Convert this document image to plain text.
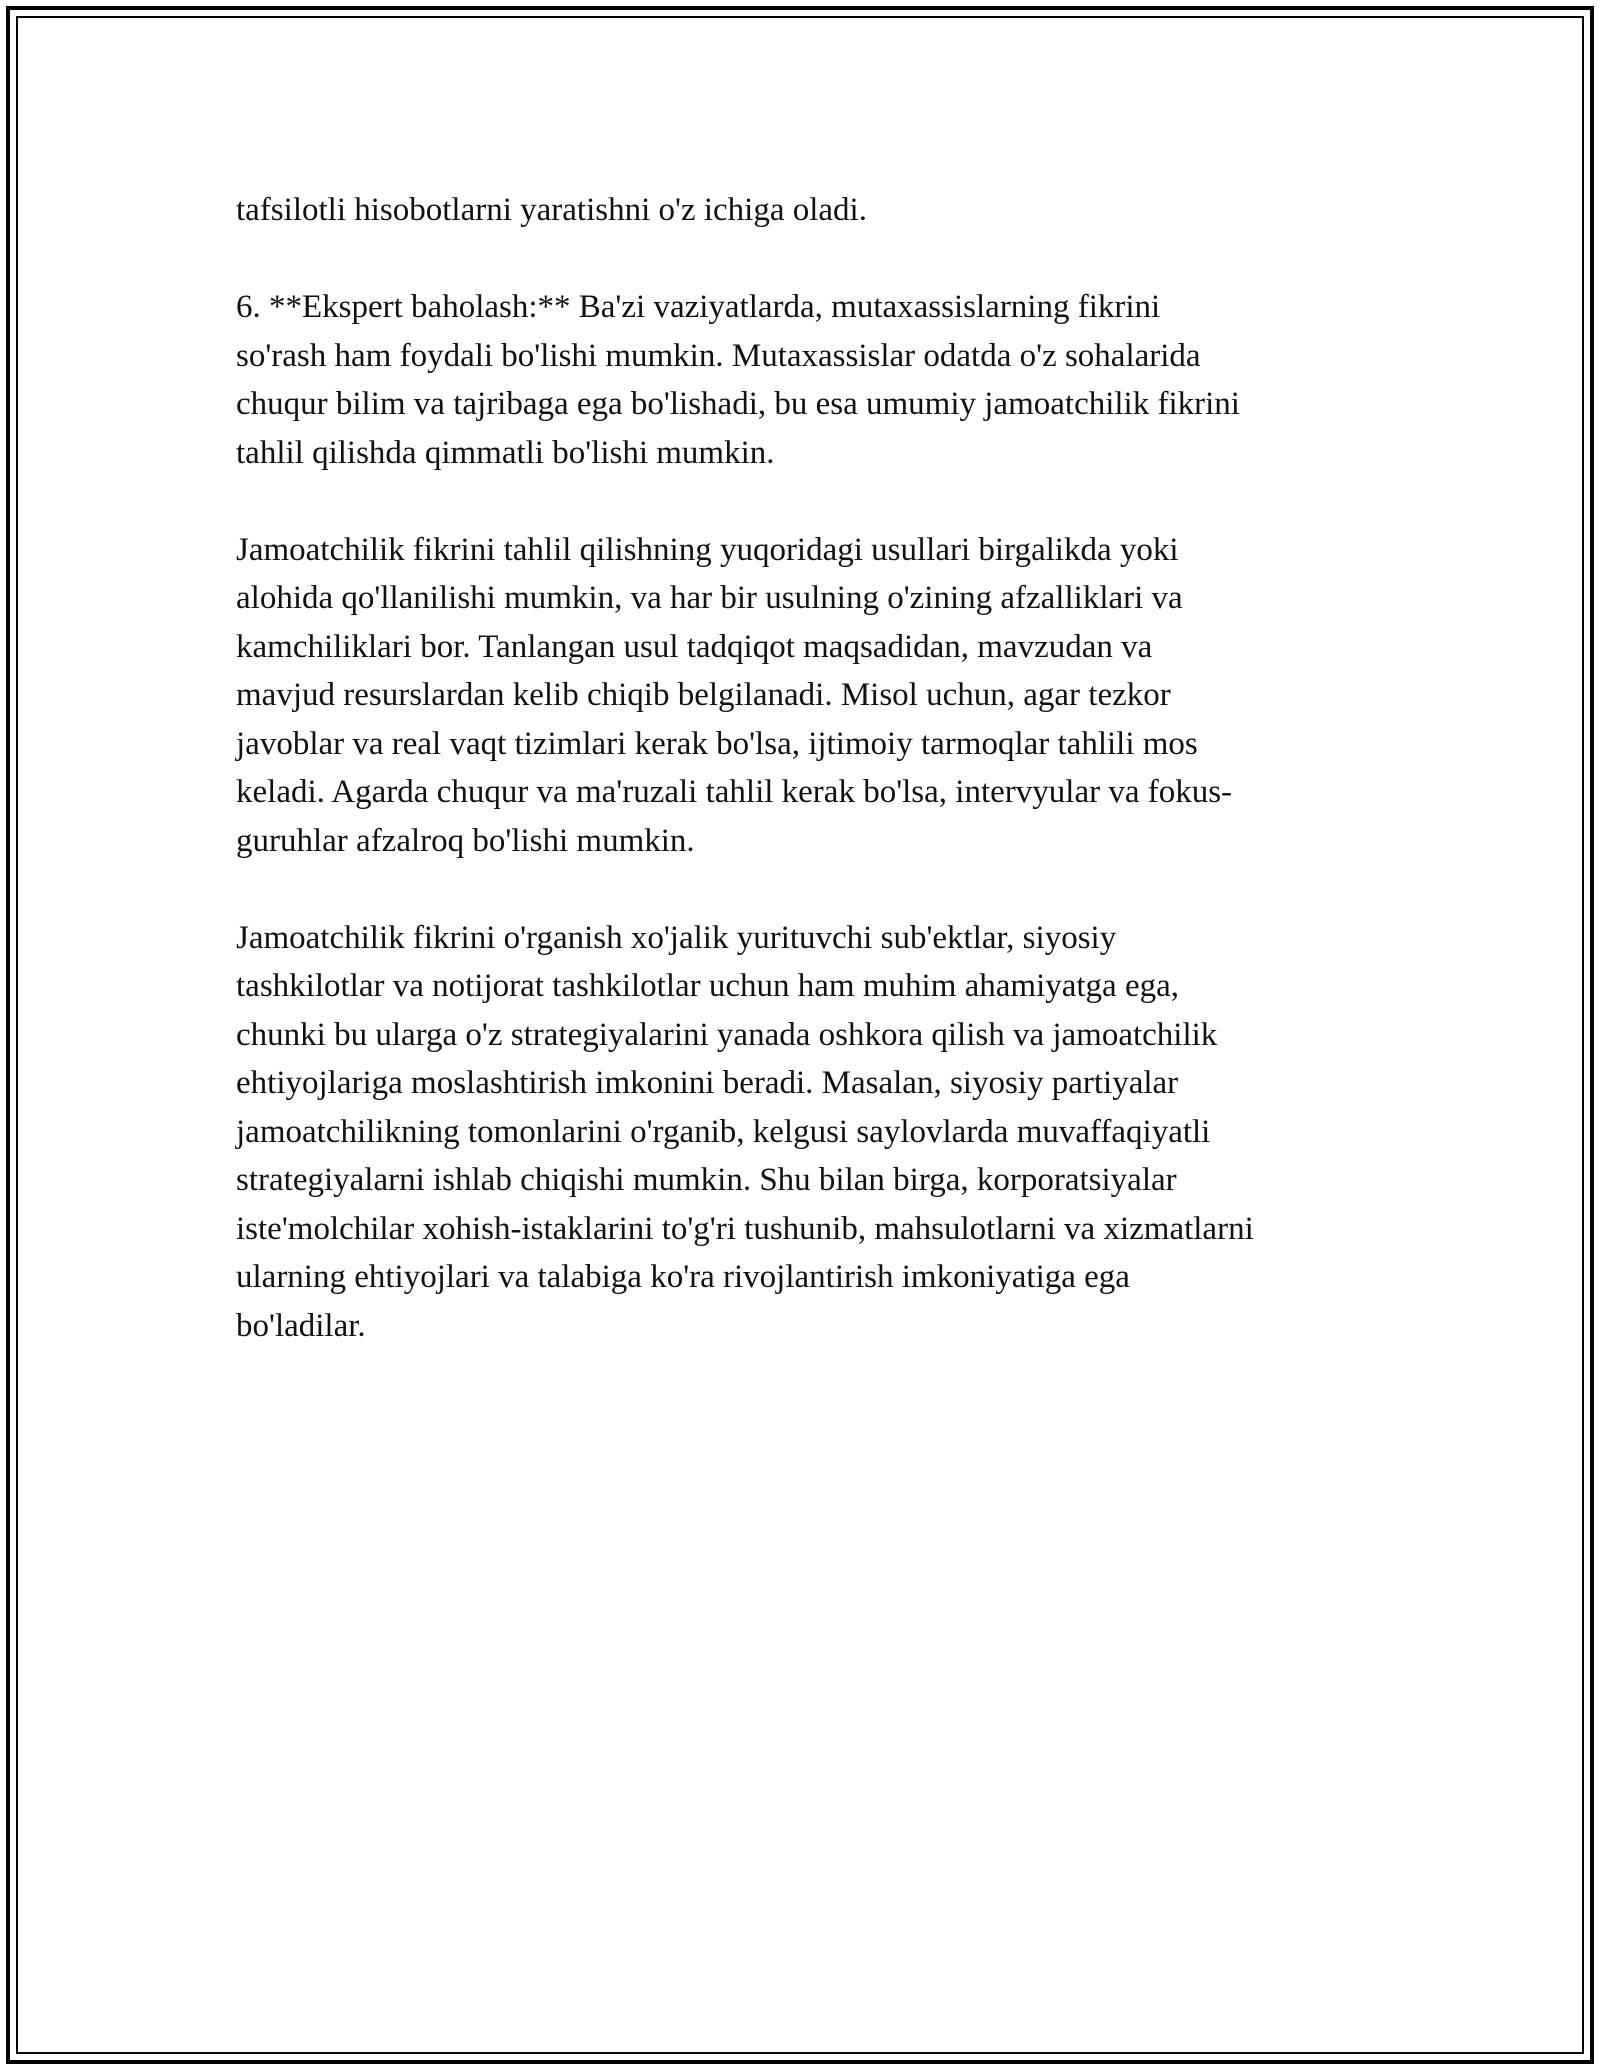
tafsilotli hisobotlarni yaratishni o'z ichiga oladi.

6. **Ekspert baholash:** Ba'zi vaziyatlarda, mutaxassislarning fikrini
so'rash ham foydali bo'lishi mumkin. Mutaxassislar odatda o'z sohalarida
chuqur bilim va tajribaga ega bo'lishadi, bu esa umumiy jamoatchilik fikrini
tahlil qilishda qimmatli bo'lishi mumkin.

Jamoatchilik fikrini tahlil qilishning yuqoridagi usullari birgalikda yoki
alohida qo'llanilishi mumkin, va har bir usulning o'zining afzalliklari va
kamchiliklari bor. Tanlangan usul tadqiqot maqsadidan, mavzudan va
mavjud resurslardan kelib chiqib belgilanadi. Misol uchun, agar tezkor
javoblar va real vaqt tizimlari kerak bo'lsa, ijtimoiy tarmoqlar tahlili mos
keladi. Agarda chuqur va ma'ruzali tahlil kerak bo'lsa, intervyular va fokus-
guruhlar afzalroq bo'lishi mumkin.

Jamoatchilik fikrini o'rganish xo'jalik yurituvchi sub'ektlar, siyosiy
tashkilotlar va notijorat tashkilotlar uchun ham muhim ahamiyatga ega,
chunki bu ularga o'z strategiyalarini yanada oshkora qilish va jamoatchilik
ehtiyojlariga moslashtirish imkonini beradi. Masalan, siyosiy partiyalar
jamoatchilikning tomonlarini o'rganib, kelgusi saylovlarda muvaffaqiyatli
strategiyalarni ishlab chiqishi mumkin. Shu bilan birga, korporatsiyalar
iste'molchilar xohish-istaklarini to'g'ri tushunib, mahsulotlarni va xizmatlarni
ularning ehtiyojlari va talabiga ko'ra rivojlantirish imkoniyatiga ega
bo'ladilar.
